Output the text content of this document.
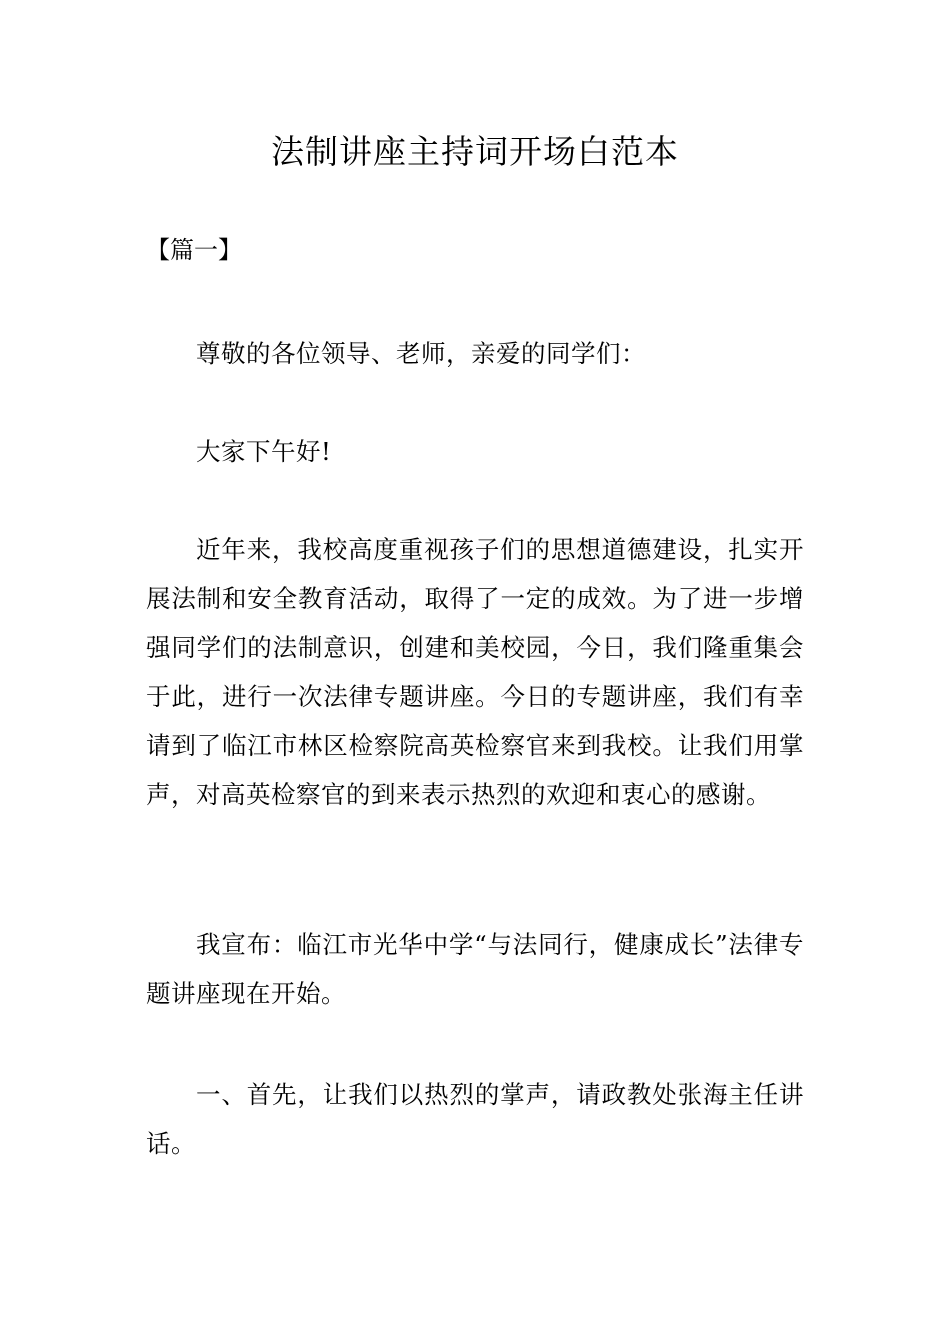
法制讲座主持词开场白范本

【篇一】

尊敬的各位领导、老师，亲爱的同学们：

大家下午好!

近年来，我校高度重视孩子们的思想道德建设，扎实开展法制和安全教育活动，取得了一定的成效。为了进一步增强同学们的法制意识，创建和美校园，今日，我们隆重集会于此，进行一次法律专题讲座。今日的专题讲座，我们有幸请到了临江市林区检察院高英检察官来到我校。让我们用掌声，对高英检察官的到来表示热烈的欢迎和衷心的感谢。

我宣布：临江市光华中学“与法同行，健康成长”法律专题讲座现在开始。

一、首先，让我们以热烈的掌声，请政教处张海主任讲话。
